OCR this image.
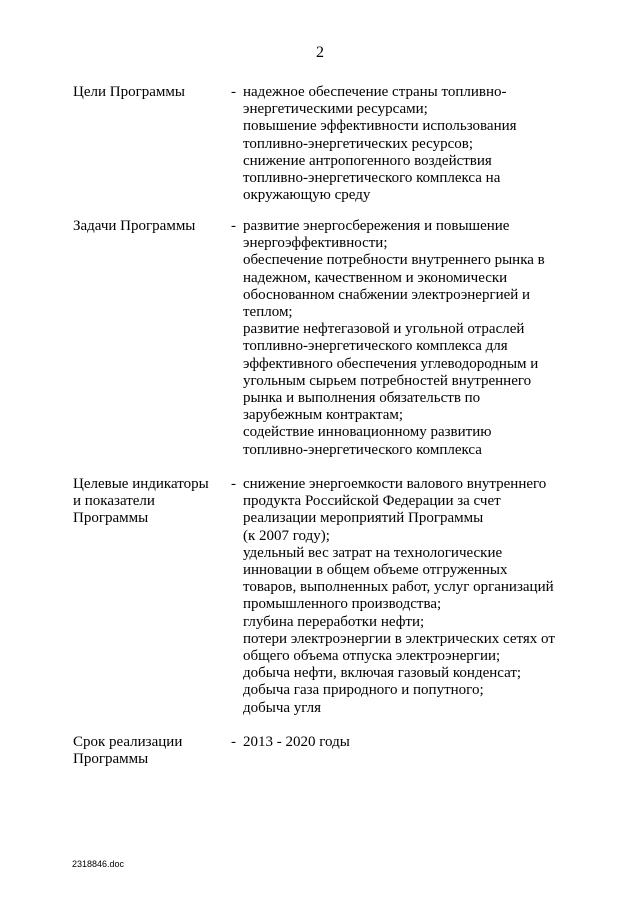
2
Цели Программы	- надежное обеспечение страны топливно-
энергетическими ресурсами;
повышение эффективности использования
топливно-энергетических ресурсов;
снижение антропогенного воздействия
топливно-энергетического комплекса на
окружающую среду
Задачи Программы	- развитие энергосбережения и повышение
энергоэффективности;
обеспечение потребности внутреннего рынка в
надежном, качественном и экономически
обоснованном снабжении электроэнергией и
теплом;
развитие нефтегазовой и угольной отраслей
топливно-энергетического комплекса для
эффективного обеспечения углеводородным и
угольным сырьем потребностей внутреннего
рынка и выполнения обязательств по
зарубежным контрактам;
содействие инновационному развитию
топливно-энергетического комплекса
Целевые индикаторы
и показатели
Программы
- снижение энергоемкости валового внутреннего
продукта Российской Федерации за счет
реализации мероприятий Программы
(к 2007 году);
удельный вес затрат на технологические
инновации в общем объеме отгруженных
товаров, выполненных работ, услуг организаций
промышленного производства;
глубина переработки нефти;
потери электроэнергии в электрических сетях от
общего объема отпуска электроэнергии;
добыча нефти, включая газовый конденсат;
добыча газа природного и попутного;
добыча угля
Срок реализации
Программы
- 2013 - 2020 годы
2318846.doc
